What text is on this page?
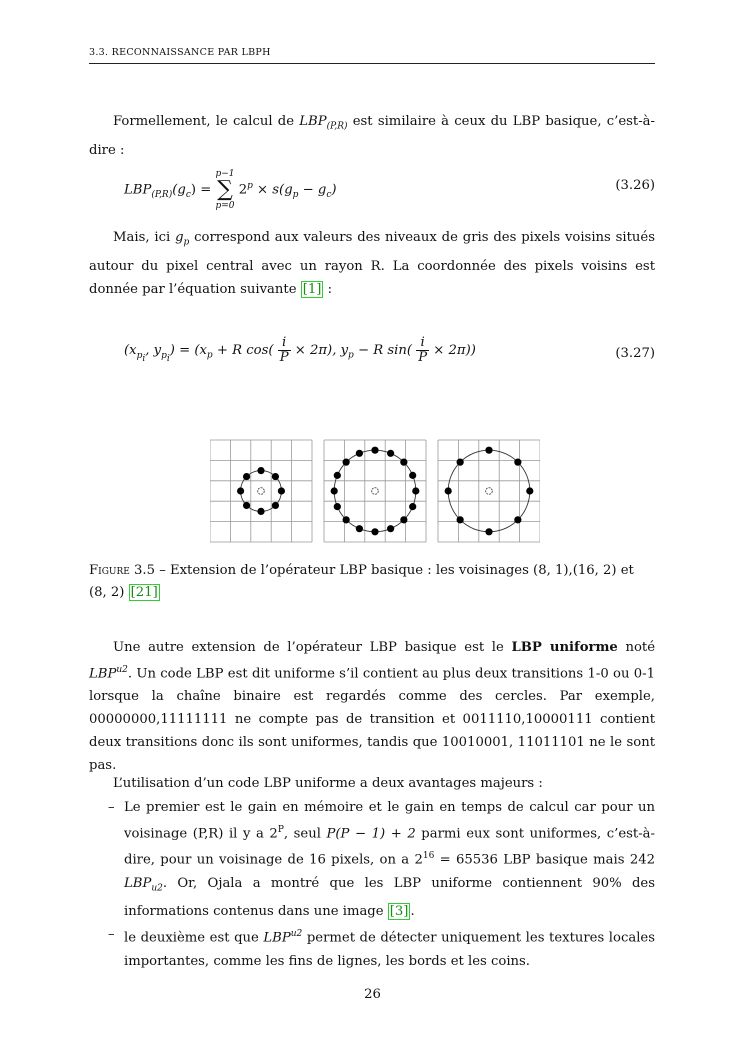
3.3. RECONNAISSANCE PAR LBPH
Formellement, le calcul de $LBP_{(P,R)}$ est similaire à ceux du LBP basique, c’est-à-dire :
$LBP_{(P,R)}(g_c)$ =
p−1
∑
p=0
$2^p \times s(g_p - g_c)$	(3.26)
Mais, ici $g_p$ correspond aux valeurs des niveaux de gris des pixels voisins situés autour du pixel central avec un rayon R. La coordonnée des pixels voisins est donnée par l’équation suivante [1] :
($x_{p_i}$, $y_{p_i}) = (x_p + R$ $\cos( \frac{i}{P} \times 2\pi)$, $y_p - R$ $\sin( \frac{i}{P} \times 2\pi)$)	(3.27)
Figure 3.5 – Extension de l’opérateur LBP basique : les voisinages (8, 1),(16, 2) et (8, 2) [21]
Une autre extension de l’opérateur LBP basique est le LBP uniforme noté $LBP^{u2}$. Un code LBP est dit uniforme s’il contient au plus deux transitions 1-0 ou 0-1 lorsque la chaîne binaire est regardés comme des cercles. Par exemple, 00000000,11111111 ne compte pas de transition et 0011110,10000111 contient deux transitions donc ils sont uniformes, tandis que 10010001, 11011101 ne le sont pas.
L’utilisation d’un code LBP uniforme a deux avantages majeurs :
– Le premier est le gain en mémoire et le gain en temps de calcul car pour un voisinage (P,R) il y a $2^P$, seul P(P − 1) + 2 parmi eux sont uniformes, c’est-à-dire, pour un voisinage de 16 pixels, on a $2^{16} = 65536$ LBP basique mais 242 $LBP_{u2}$. Or, Ojala a montré que les LBP uniforme contiennent 90% des informations contenus dans une image [3] .
– le deuxième est que $LBP^{u2}$ permet de détecter uniquement les textures locales importantes, comme les fins de lignes, les bords et les coins.
26
